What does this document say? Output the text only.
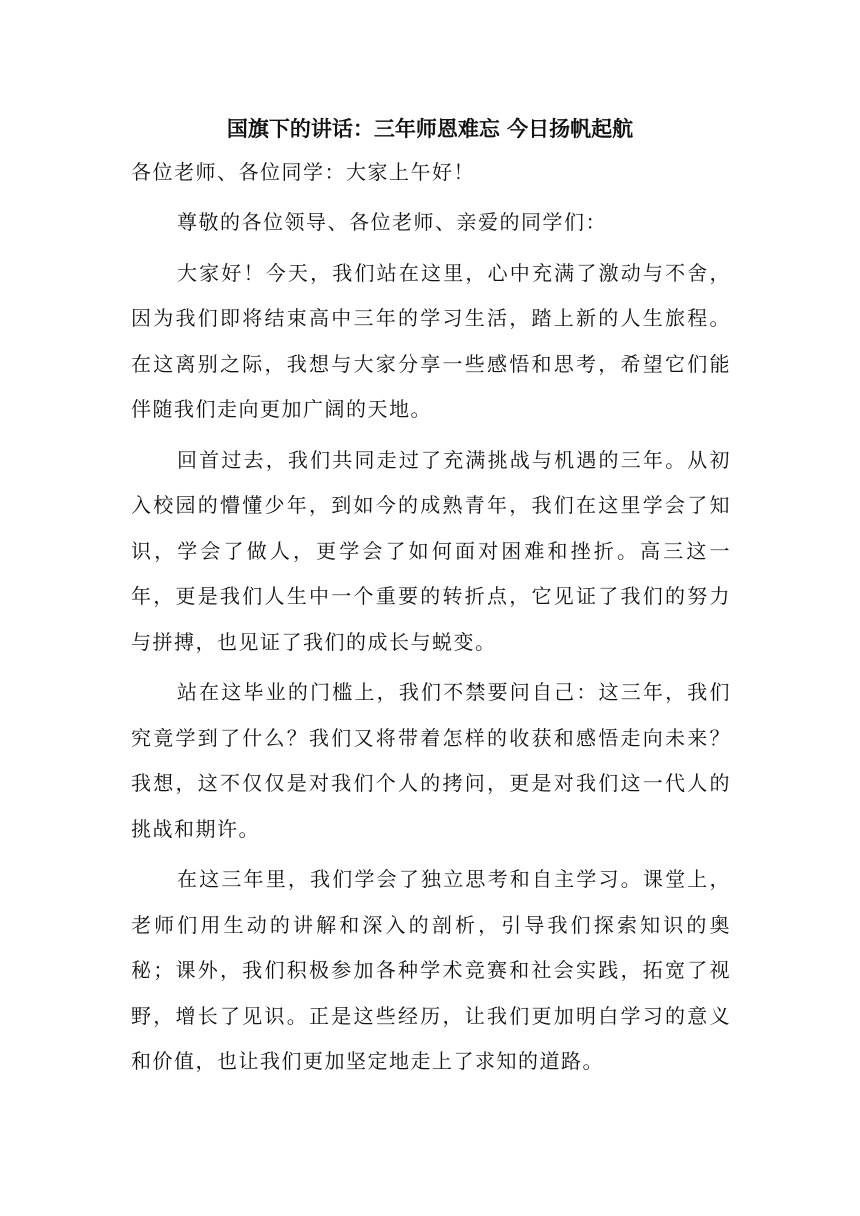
国旗下的讲话：三年师恩难忘 今日扬帆起航
各位老师、各位同学：大家上午好！

尊敬的各位领导、各位老师、亲爱的同学们：

大家好！今天，我们站在这里，心中充满了激动与不舍，因为我们即将结束高中三年的学习生活，踏上新的人生旅程。在这离别之际，我想与大家分享一些感悟和思考，希望它们能伴随我们走向更加广阔的天地。

回首过去，我们共同走过了充满挑战与机遇的三年。从初入校园的懵懂少年，到如今的成熟青年，我们在这里学会了知识，学会了做人，更学会了如何面对困难和挫折。高三这一年，更是我们人生中一个重要的转折点，它见证了我们的努力与拼搏，也见证了我们的成长与蜕变。

站在这毕业的门槛上，我们不禁要问自己：这三年，我们究竟学到了什么？我们又将带着怎样的收获和感悟走向未来？我想，这不仅仅是对我们个人的拷问，更是对我们这一代人的挑战和期许。

在这三年里，我们学会了独立思考和自主学习。课堂上，老师们用生动的讲解和深入的剖析，引导我们探索知识的奥秘；课外，我们积极参加各种学术竞赛和社会实践，拓宽了视野，增长了见识。正是这些经历，让我们更加明白学习的意义和价值，也让我们更加坚定地走上了求知的道路。
